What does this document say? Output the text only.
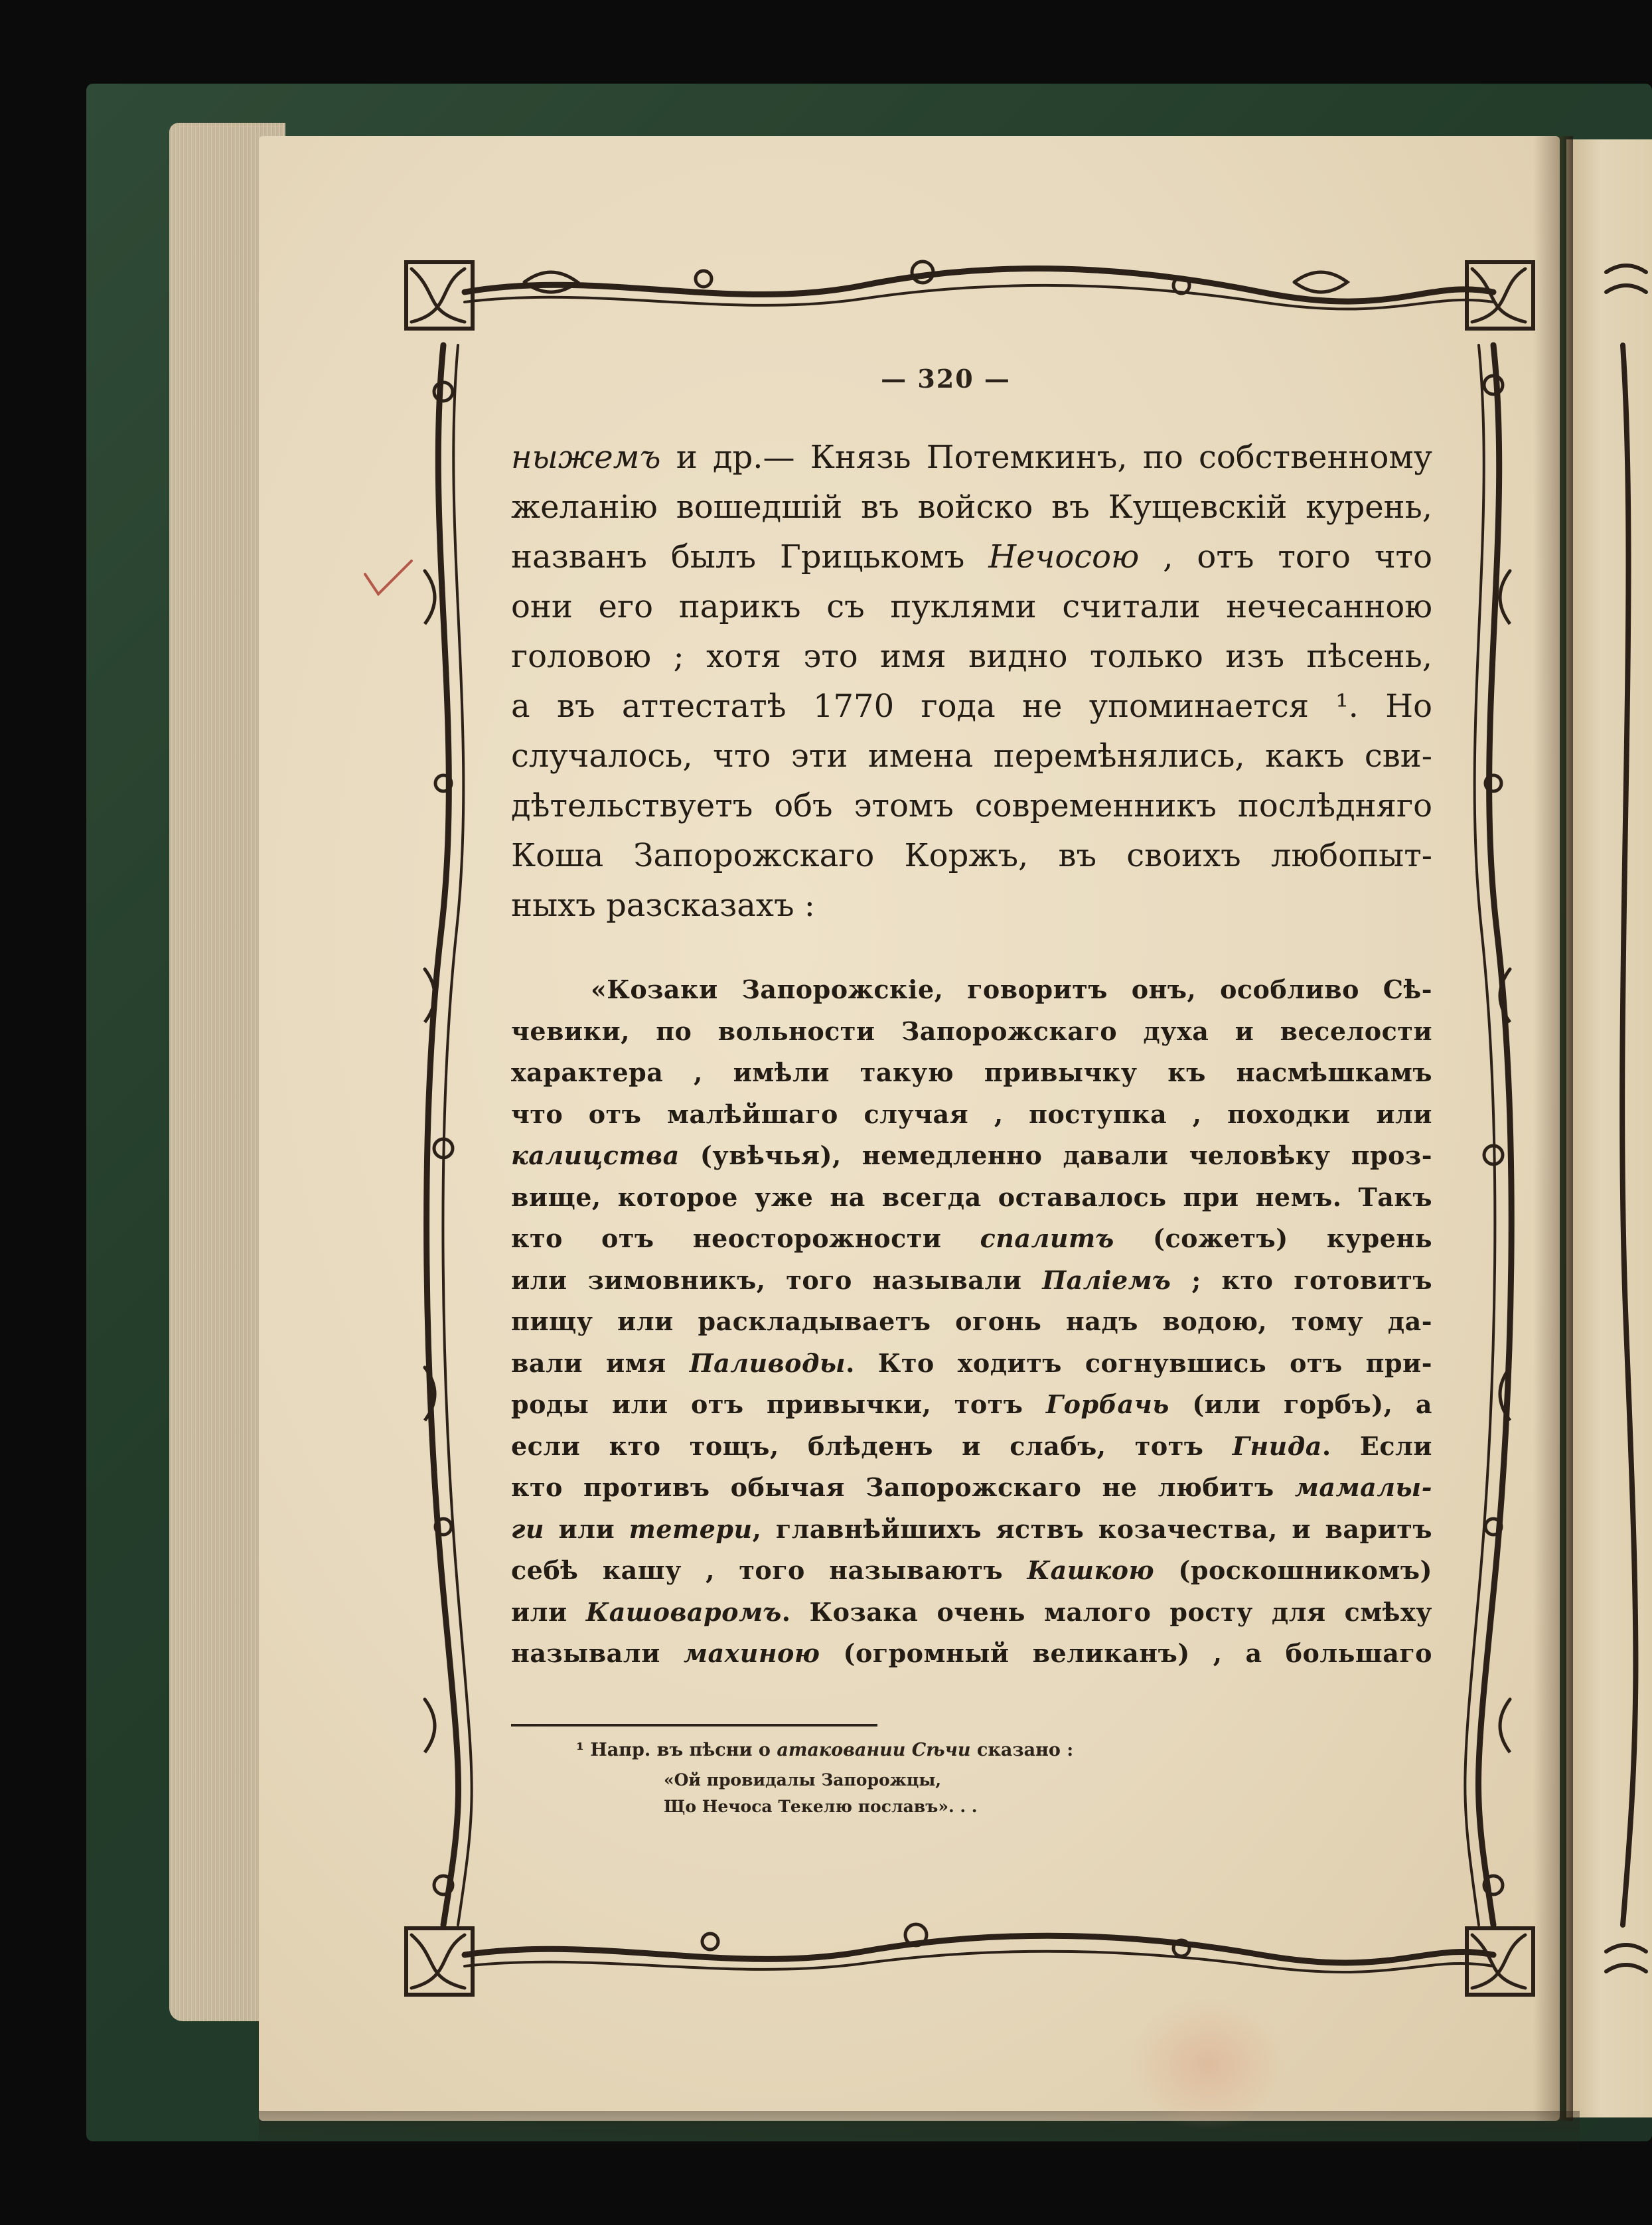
— 320 —
ныжемъ и др.— Князь Потемкинъ, по собственному
желанiю вошедшiй въ войско въ Кущевскiй курень,
названъ былъ Грицькомъ Нечосою , отъ того что
они его парикъ съ пуклями считали нечесанною
головою ; хотя это имя видно только изъ пѣсень,
а въ аттестатѣ 1770 года не упоминается ¹. Но
случалось, что эти имена перемѣнялись, какъ сви-
дѣтельствуетъ объ этомъ современникъ послѣдняго
Коша Запорожскаго Коржъ, въ своихъ любопыт-
ныхъ разсказахъ :
«Козаки Запорожскiе, говоритъ онъ, особливо Сѣ-
чевики, по вольности Запорожскаго духа и веселости
характера , имѣли такую привычку къ насмѣшкамъ
что отъ малѣйшаго случая , поступка , походки или
калицства (увѣчья), немедленно давали человѣку проз-
вище, которое уже на всегда оставалось при немъ. Такъ
кто отъ неосторожности спалитъ (сожетъ) курень
или зимовникъ, того называли Палiемъ ; кто готовитъ
пищу или раскладываетъ огонь надъ водою, тому да-
вали имя Паливоды. Кто ходитъ согнувшись отъ при-
роды или отъ привычки, тотъ Горбачь (или горбъ), а
если кто тощъ, блѣденъ и слабъ, тотъ Гнида. Если
кто противъ обычая Запорожскаго не любитъ мамалы-
ги или тетери, главнѣйшихъ яствъ козачества, и варитъ
себѣ кашу , того называютъ Кашкою (роскошникомъ)
или Кашоваромъ. Козака очень малого росту для смѣху
называли махиною (огромный великанъ) , а большаго
¹ Напр. въ пѣсни о атаковании Сѣчи сказано :
«Ой провидалы Запорожцы,
Що Нечоса Текелю пославъ». . .
